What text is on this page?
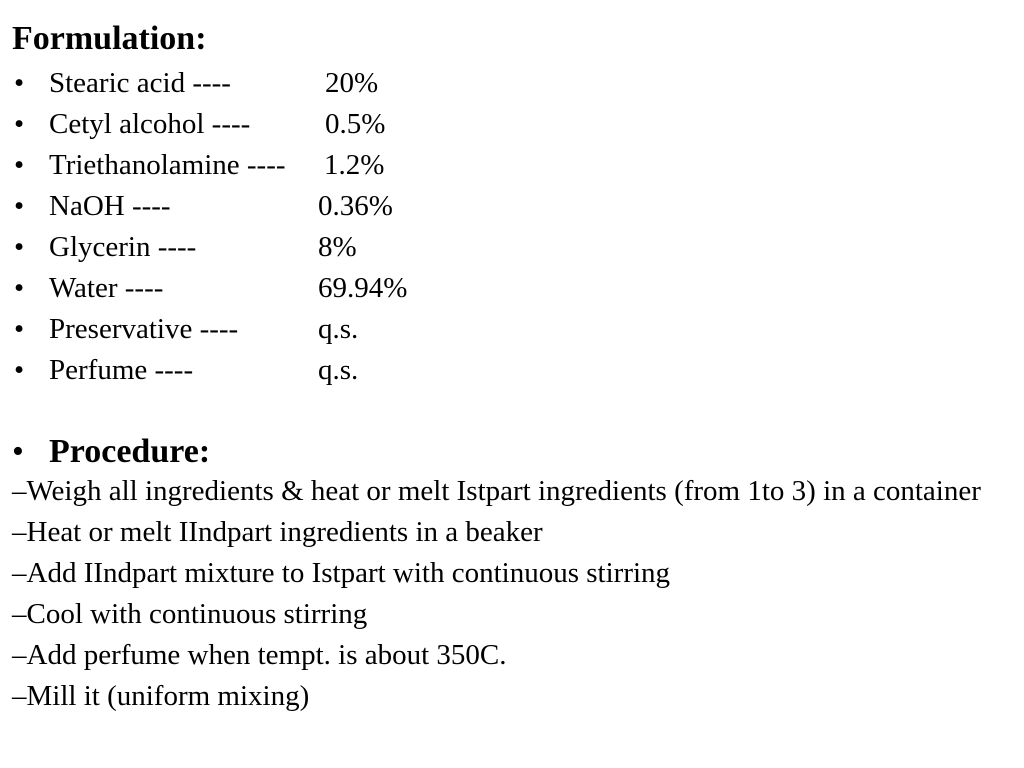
Formulation:
• Stearic acid ----	20%
• Cetyl alcohol ----	0.5%
• Triethanolamine ---- 1.2%
• NaOH ----	0.36%
• Glycerin ----	8%
• Water ----	69.94%
• Preservative ----	q.s.
• Perfume ----	q.s.
• Procedure:
–Weigh all ingredients & heat or melt Istpart ingredients (from 1to 3) in a container
–Heat or melt IIndpart ingredients in a beaker
–Add IIndpart mixture to Istpart with continuous stirring
–Cool with continuous stirring
–Add perfume when tempt. is about 350C.
–Mill it (uniform mixing)
